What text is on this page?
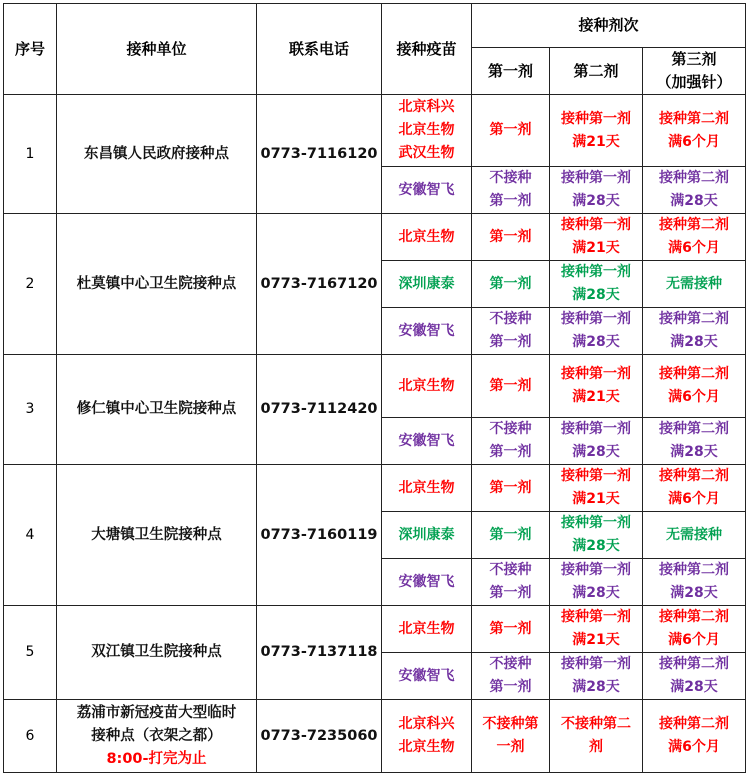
序号	接种单位	联系电话	接种疫苗	接种剂次		
				第一剂	第二剂	第三剂
（加强针）

1	东昌镇人民政府接种点	0773-7116120	北京科兴
北京生物
武汉生物	第一剂	接种第一剂
满21天	接种第二剂
满6个月

			安徽智飞	不接种
第一剂	接种第一剂
满28天	接种第二剂
满28天

2	杜莫镇中心卫生院接种点	0773-7167120	北京生物	第一剂	接种第一剂
满21天	接种第二剂
满6个月

			深圳康泰	第一剂	接种第一剂
满28天	无需接种

			安徽智飞	不接种
第一剂	接种第一剂
满28天	接种第二剂
满28天

3	修仁镇中心卫生院接种点	0773-7112420	北京生物	第一剂	接种第一剂
满21天	接种第二剂
满6个月

			安徽智飞	不接种
第一剂	接种第一剂
满28天	接种第二剂
满28天

4	大塘镇卫生院接种点	0773-7160119	北京生物	第一剂	接种第一剂
满21天	接种第二剂
满6个月

			深圳康泰	第一剂	接种第一剂
满28天	无需接种

			安徽智飞	不接种
第一剂	接种第一剂
满28天	接种第二剂
满28天

5	双江镇卫生院接种点	0773-7137118	北京生物	第一剂	接种第一剂
满21天	接种第二剂
满6个月

			安徽智飞	不接种
第一剂	接种第一剂
满28天	接种第二剂
满28天

6	荔浦市新冠疫苗大型临时
接种点（衣架之都）
8:00-打完为止	0773-7235060	北京科兴
北京生物	不接种第
一剂	不接种第二
剂	接种第二剂
满6个月
